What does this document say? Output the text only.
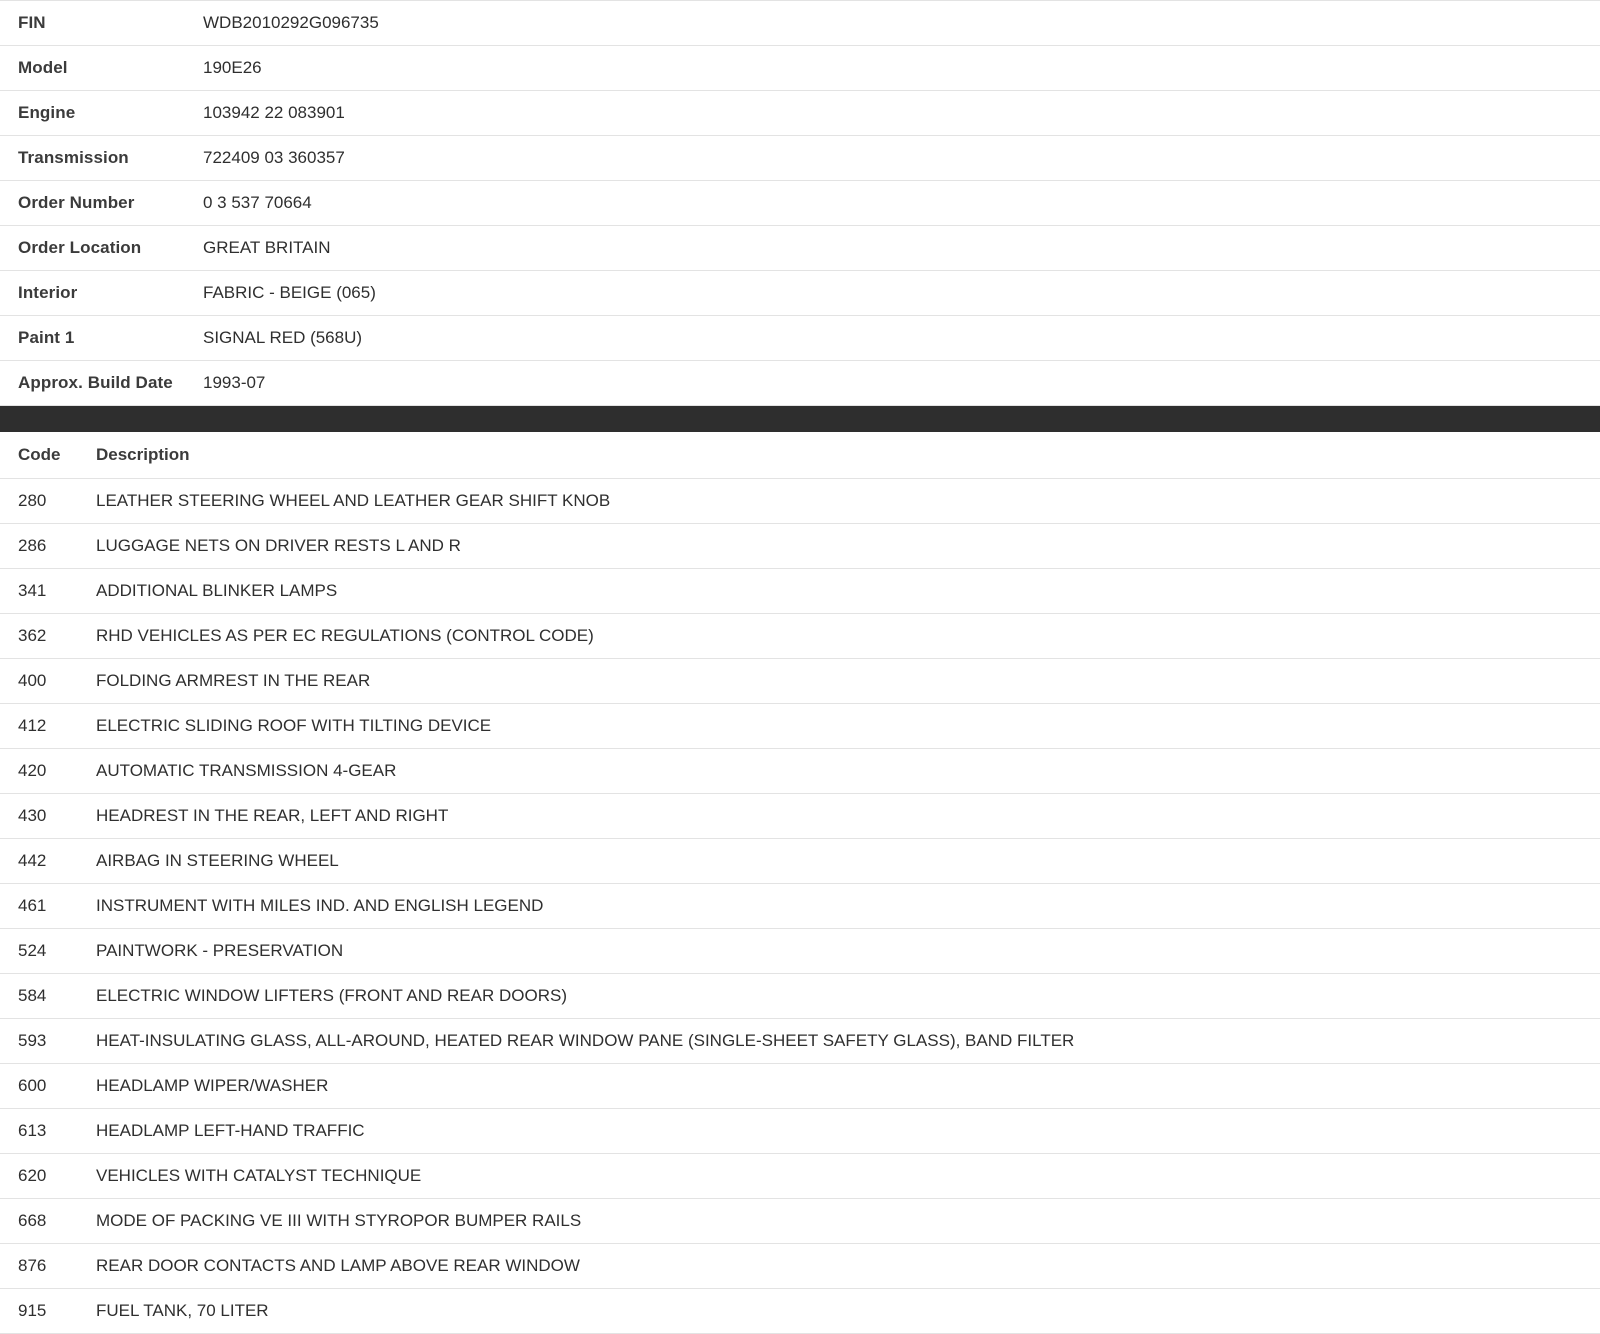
FIN	WDB2010292G096735
Model	190E26
Engine	103942 22 083901
Transmission	722409 03 360357
Order Number	0 3 537 70664
Order Location	GREAT BRITAIN
Interior	FABRIC - BEIGE (065)
Paint 1	SIGNAL RED (568U)
Approx. Build Date	1993-07
Code	Description
280	LEATHER STEERING WHEEL AND LEATHER GEAR SHIFT KNOB
286	LUGGAGE NETS ON DRIVER RESTS L AND R
341	ADDITIONAL BLINKER LAMPS
362	RHD VEHICLES AS PER EC REGULATIONS (CONTROL CODE)
400	FOLDING ARMREST IN THE REAR
412	ELECTRIC SLIDING ROOF WITH TILTING DEVICE
420	AUTOMATIC TRANSMISSION 4-GEAR
430	HEADREST IN THE REAR, LEFT AND RIGHT
442	AIRBAG IN STEERING WHEEL
461	INSTRUMENT WITH MILES IND. AND ENGLISH LEGEND
524	PAINTWORK - PRESERVATION
584	ELECTRIC WINDOW LIFTERS (FRONT AND REAR DOORS)
593	HEAT-INSULATING GLASS, ALL-AROUND, HEATED REAR WINDOW PANE (SINGLE-SHEET SAFETY GLASS), BAND FILTER
600	HEADLAMP WIPER/WASHER
613	HEADLAMP LEFT-HAND TRAFFIC
620	VEHICLES WITH CATALYST TECHNIQUE
668	MODE OF PACKING VE III WITH STYROPOR BUMPER RAILS
876	REAR DOOR CONTACTS AND LAMP ABOVE REAR WINDOW
915	FUEL TANK, 70 LITER
